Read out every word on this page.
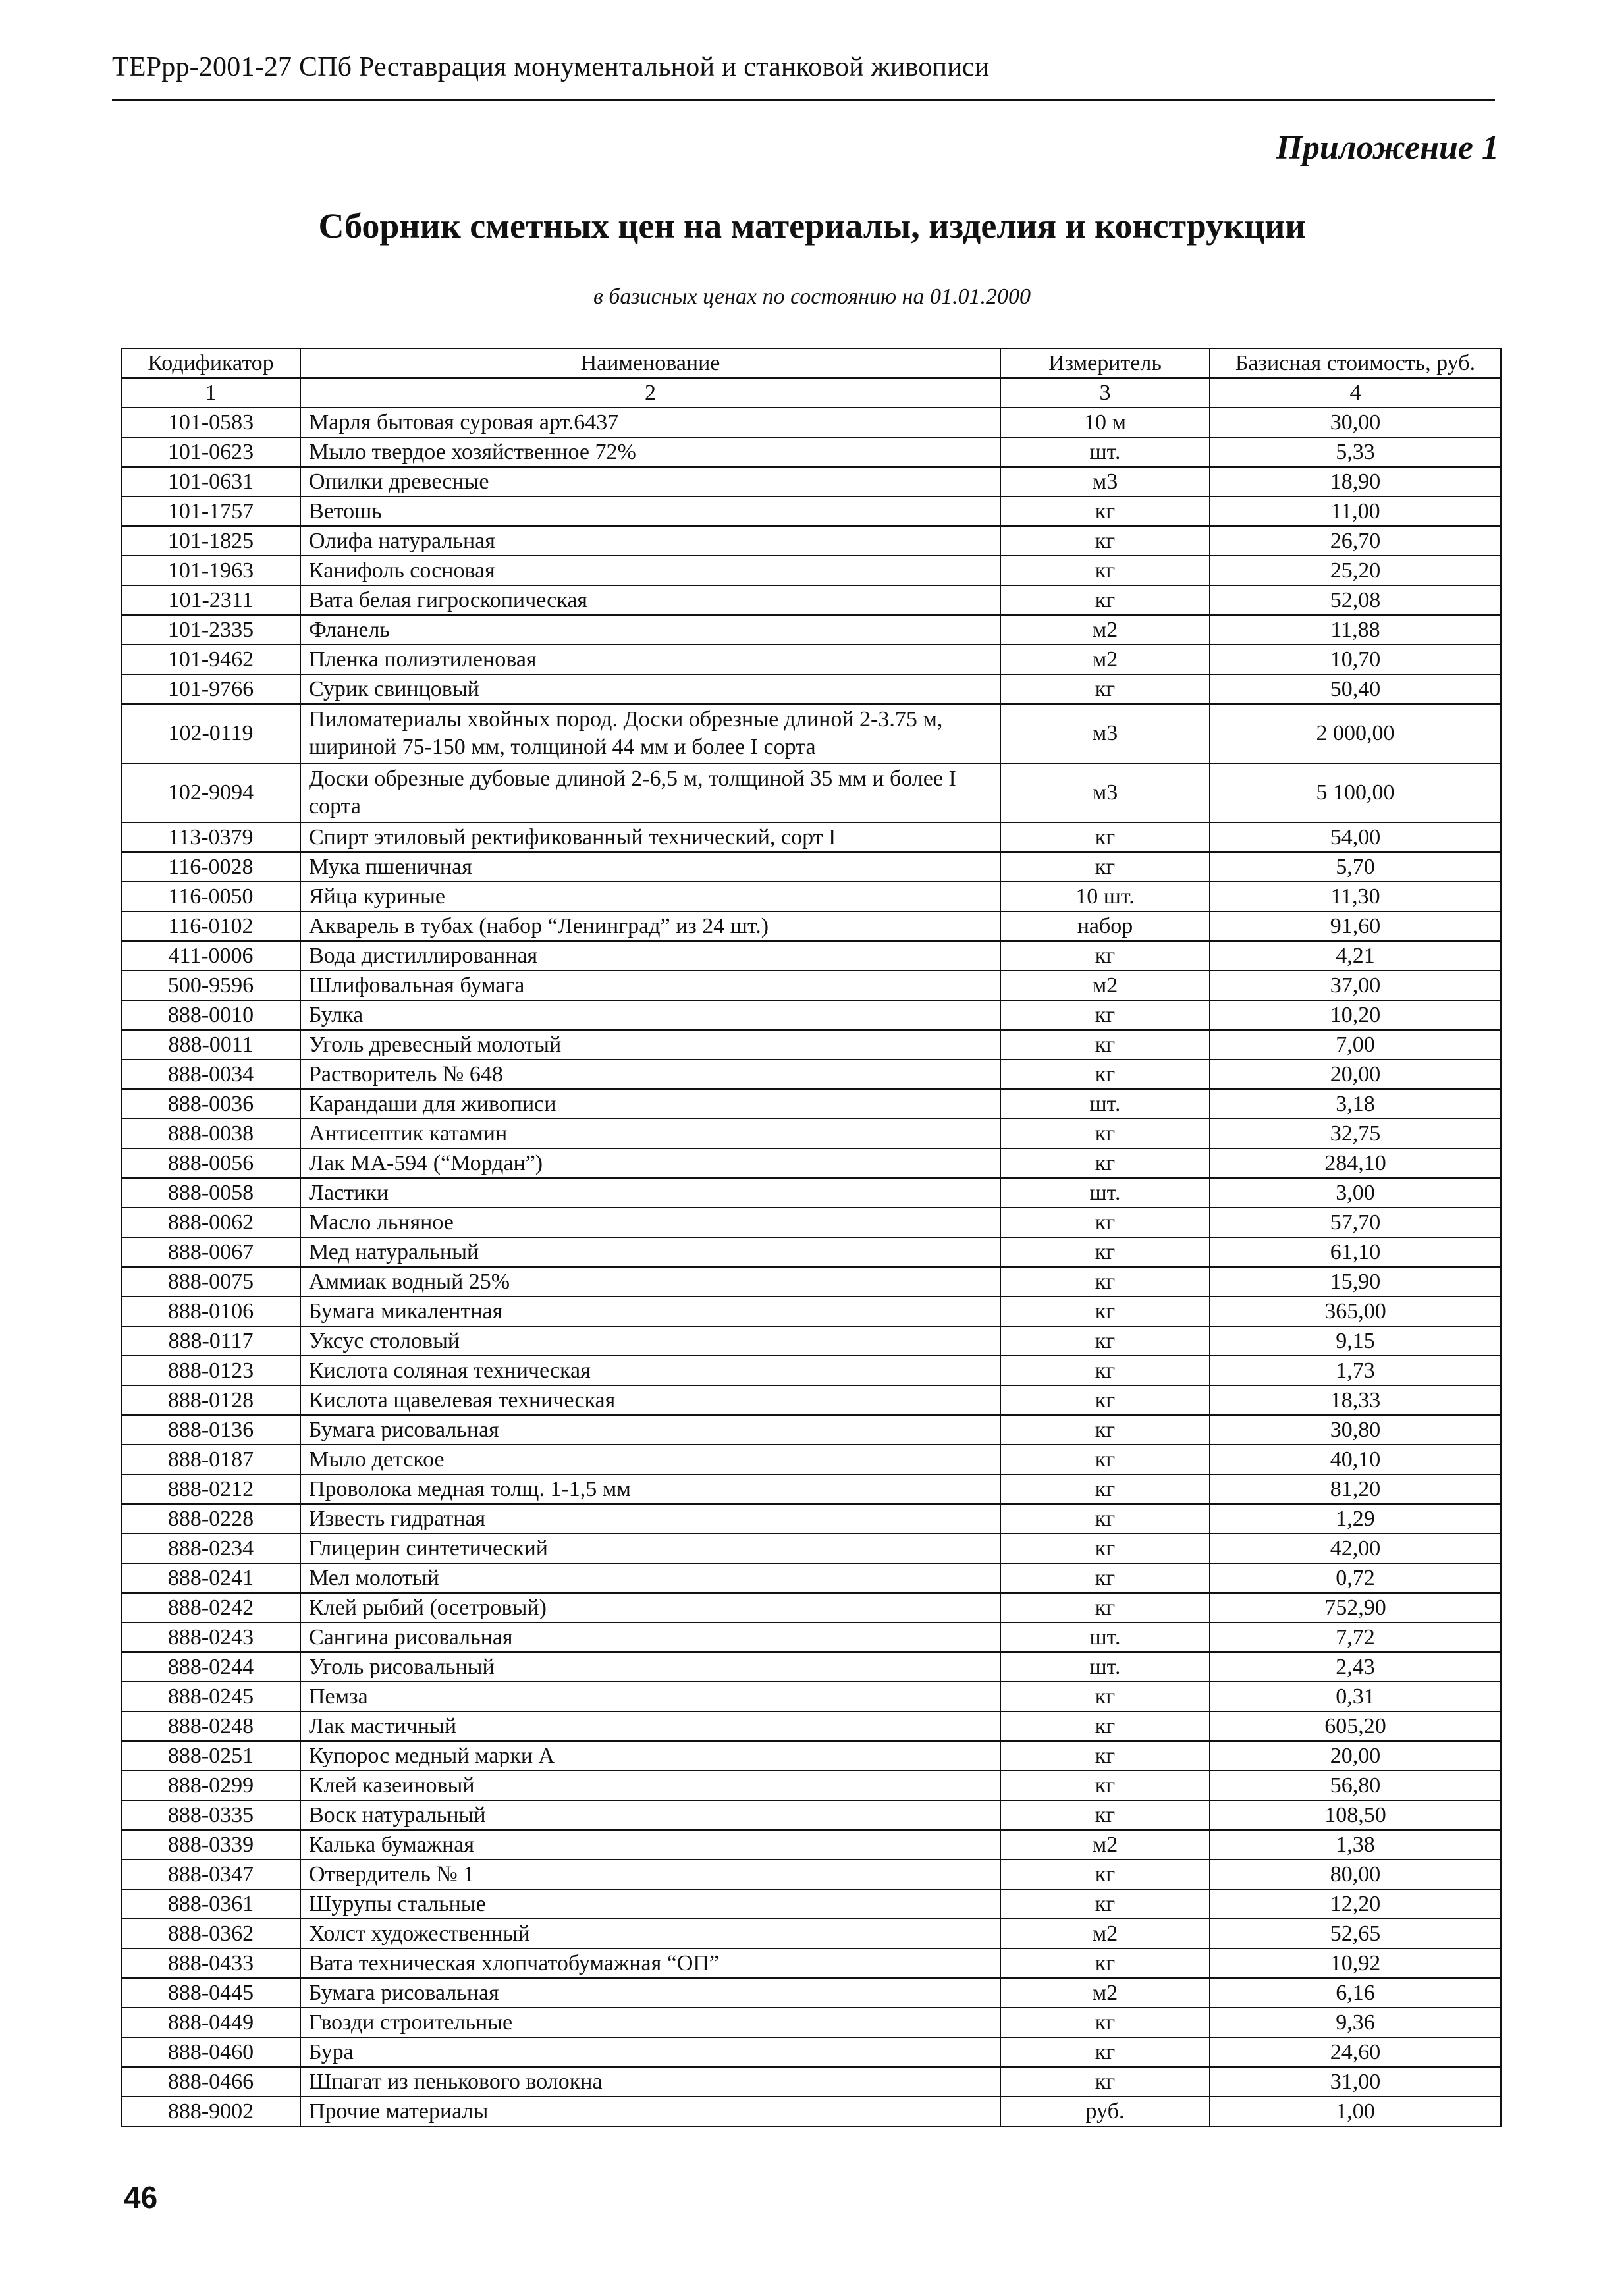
ТЕРрр-2001-27 СПб Реставрация монументальной и станковой живописи
Приложение 1
Сборник сметных цен на материалы, изделия и конструкции
в базисных ценах по состоянию на 01.01.2000
Кодификатор	Наименование	Измеритель	Базисная стоимость, руб.
1	2	3	4
101-0583	Марля бытовая суровая арт.6437	10 м	30,00
101-0623	Мыло твердое хозяйственное 72%	шт.	5,33
101-0631	Опилки древесные	м3	18,90
101-1757	Ветошь	кг	11,00
101-1825	Олифа натуральная	кг	26,70
101-1963	Канифоль сосновая	кг	25,20
101-2311	Вата белая гигроскопическая	кг	52,08
101-2335	Фланель	м2	11,88
101-9462	Пленка полиэтиленовая	м2	10,70
101-9766	Сурик свинцовый	кг	50,40
102-0119	Пиломатериалы хвойных пород. Доски обрезные длиной 2-3.75 м, шириной 75-150 мм, толщиной 44 мм и более I сорта	м3	2 000,00
102-9094	Доски обрезные дубовые длиной 2-6,5 м, толщиной 35 мм и более I сорта	м3	5 100,00
113-0379	Спирт этиловый ректификованный технический, сорт I	кг	54,00
116-0028	Мука пшеничная	кг	5,70
116-0050	Яйца куриные	10 шт.	11,30
116-0102	Акварель в тубах (набор “Ленинград” из 24 шт.)	набор	91,60
411-0006	Вода дистиллированная	кг	4,21
500-9596	Шлифовальная бумага	м2	37,00
888-0010	Булка	кг	10,20
888-0011	Уголь древесный молотый	кг	7,00
888-0034	Растворитель № 648	кг	20,00
888-0036	Карандаши для живописи	шт.	3,18
888-0038	Антисептик катамин	кг	32,75
888-0056	Лак МА-594 (“Мордан”)	кг	284,10
888-0058	Ластики	шт.	3,00
888-0062	Масло льняное	кг	57,70
888-0067	Мед натуральный	кг	61,10
888-0075	Аммиак водный 25%	кг	15,90
888-0106	Бумага микалентная	кг	365,00
888-0117	Уксус столовый	кг	9,15
888-0123	Кислота соляная техническая	кг	1,73
888-0128	Кислота щавелевая техническая	кг	18,33
888-0136	Бумага рисовальная	кг	30,80
888-0187	Мыло детское	кг	40,10
888-0212	Проволока медная толщ. 1-1,5 мм	кг	81,20
888-0228	Известь гидратная	кг	1,29
888-0234	Глицерин синтетический	кг	42,00
888-0241	Мел молотый	кг	0,72
888-0242	Клей рыбий (осетровый)	кг	752,90
888-0243	Сангина рисовальная	шт.	7,72
888-0244	Уголь рисовальный	шт.	2,43
888-0245	Пемза	кг	0,31
888-0248	Лак мастичный	кг	605,20
888-0251	Купорос медный марки А	кг	20,00
888-0299	Клей казеиновый	кг	56,80
888-0335	Воск натуральный	кг	108,50
888-0339	Калька бумажная	м2	1,38
888-0347	Отвердитель № 1	кг	80,00
888-0361	Шурупы стальные	кг	12,20
888-0362	Холст художественный	м2	52,65
888-0433	Вата техническая хлопчатобумажная “ОП”	кг	10,92
888-0445	Бумага рисовальная	м2	6,16
888-0449	Гвозди строительные	кг	9,36
888-0460	Бура	кг	24,60
888-0466	Шпагат из пенькового волокна	кг	31,00
888-9002	Прочие материалы	руб.	1,00
46
